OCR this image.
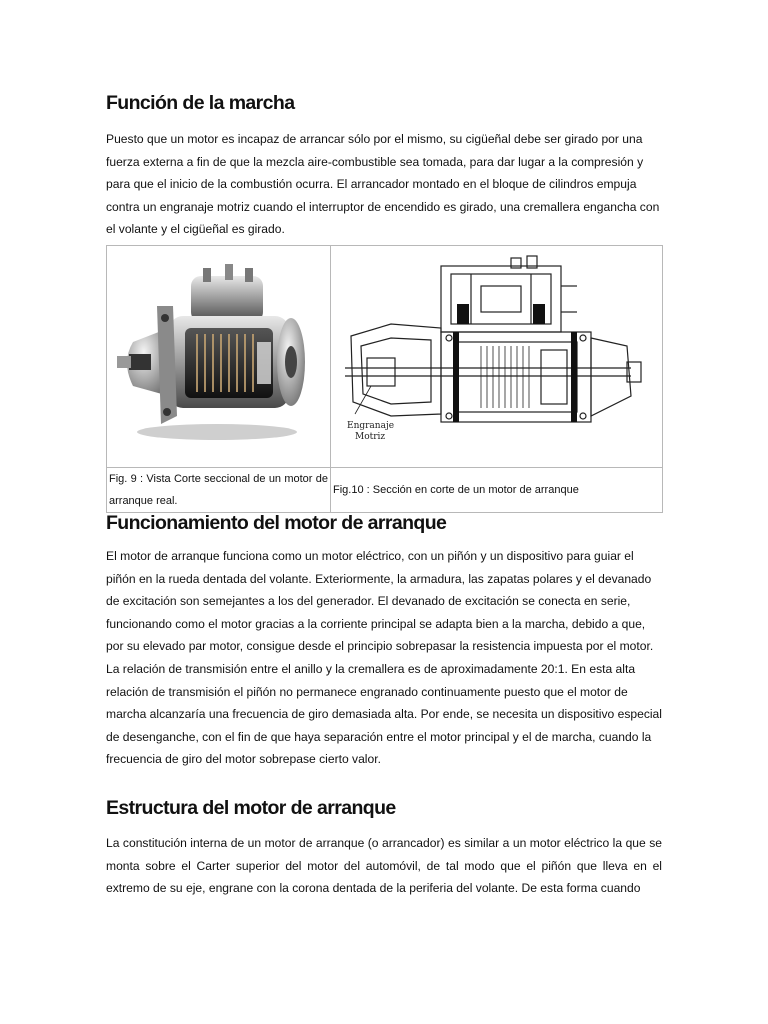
Función de la marcha

Puesto que un motor es incapaz de arrancar sólo por el mismo, su cigüeñal debe ser girado por una fuerza externa a fin de que la mezcla aire-combustible sea tomada, para dar lugar a la compresión y para que el inicio de la combustión ocurra. El arrancador montado en el bloque de cilindros empuja contra un engranaje motriz cuando el interruptor de encendido es girado, una cremallera engancha con el volante y el cigüeñal es girado.

Engranaje
Motriz

Fig. 9 : Vista Corte seccional de un motor de arranque real.	Fig.10 : Sección en corte de un motor de arranque
Funcionamiento del motor de arranque

El motor de arranque funciona como un motor eléctrico, con un piñón y un dispositivo para guiar el piñón en la rueda dentada del volante. Exteriormente, la armadura, las zapatas polares y el devanado de excitación son semejantes a los del generador. El devanado de excitación se conecta en serie, funcionando como el motor gracias a la corriente principal se adapta bien a la marcha, debido a que, por su elevado par motor, consigue desde el principio sobrepasar la resistencia impuesta por el motor.

La relación de transmisión entre el anillo y la cremallera es de aproximadamente 20:1. En esta alta relación de transmisión el piñón no permanece engranado continuamente puesto que el motor de marcha alcanzaría una frecuencia de giro demasiada alta. Por ende, se necesita un dispositivo especial de desenganche, con el fin de que haya separación entre el motor principal y el de marcha, cuando la frecuencia de giro del motor sobrepase cierto valor.

Estructura del motor de arranque

La constitución interna de un motor de arranque (o arrancador) es similar a un motor eléctrico la que se monta sobre el Carter superior del motor del automóvil, de tal modo que el piñón que lleva en el extremo de su eje, engrane con la corona dentada de la periferia del volante. De esta forma cuando
